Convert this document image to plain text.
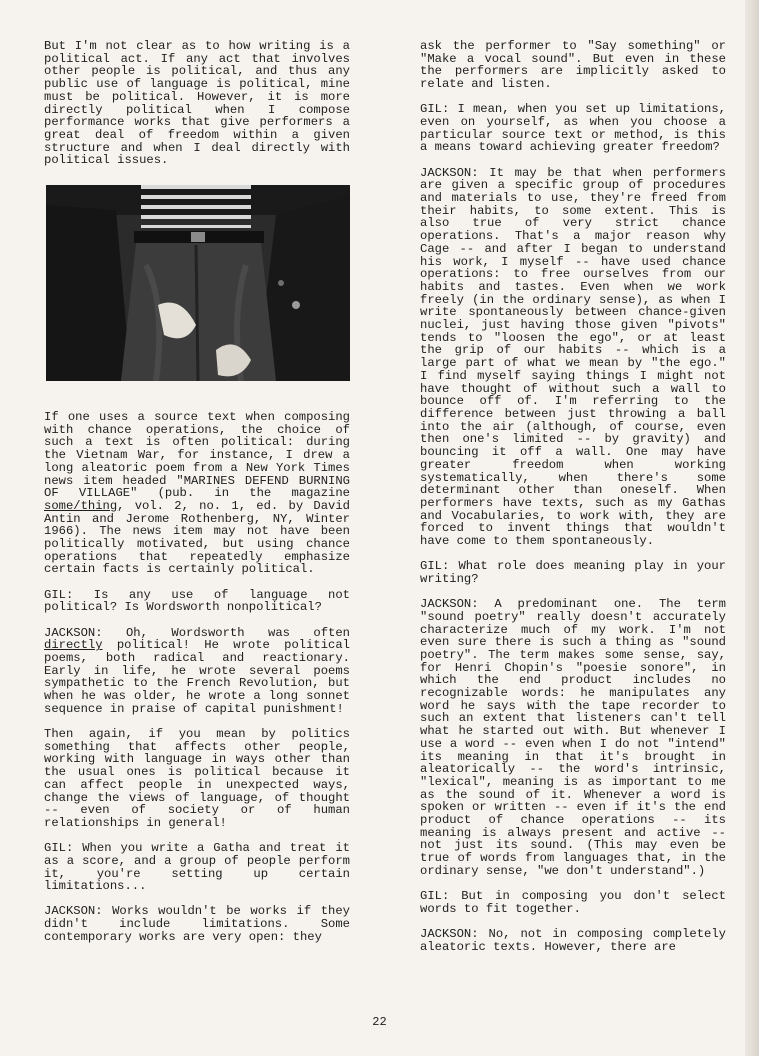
But I'm not clear as to how writing is a political act. If any act that involves other people is political, and thus any public use of language is political, mine must be political. However, it is more directly political when I compose performance works that give performers a great deal of freedom within a given structure and when I deal directly with political issues.

If one uses a source text when composing with chance operations, the choice of such a text is often political: during the Vietnam War, for instance, I drew a long aleatoric poem from a New York Times news item headed "MARINES DEFEND BURNING OF VILLAGE" (pub. in the magazine some/thing, vol. 2, no. 1, ed. by David Antin and Jerome Rothenberg, NY, Winter 1966). The news item may not have been politically motivated, but using chance operations that repeatedly emphasize certain facts is certainly political.

GIL: Is any use of language not political? Is Wordsworth nonpolitical?

JACKSON: Oh, Wordsworth was often directly political! He wrote political poems, both radical and reactionary. Early in life, he wrote several poems sympathetic to the French Revolution, but when he was older, he wrote a long sonnet sequence in praise of capital punishment!

Then again, if you mean by politics something that affects other people, working with language in ways other than the usual ones is political because it can affect people in unexpected ways, change the views of language, of thought -- even of society or of human relationships in general!

GIL: When you write a Gatha and treat it as a score, and a group of people perform it, you're setting up certain limitations...

JACKSON: Works wouldn't be works if they didn't include limitations. Some contemporary works are very open: they

ask the performer to "Say something" or "Make a vocal sound". But even in these the performers are implicitly asked to relate and listen.

GIL: I mean, when you set up limitations, even on yourself, as when you choose a particular source text or method, is this a means toward achieving greater freedom?

JACKSON: It may be that when performers are given a specific group of procedures and materials to use, they're freed from their habits, to some extent. This is also true of very strict chance operations. That's a major reason why Cage -- and after I began to understand his work, I myself -- have used chance operations: to free ourselves from our habits and tastes. Even when we work freely (in the ordinary sense), as when I write spontaneously between chance-given nuclei, just having those given "pivots" tends to "loosen the ego", or at least the grip of our habits -- which is a large part of what we mean by "the ego." I find myself saying things I might not have thought of without such a wall to bounce off of. I'm referring to the difference between just throwing a ball into the air (although, of course, even then one's limited -- by gravity) and bouncing it off a wall. One may have greater freedom when working systematically, when there's some determinant other than oneself. When performers have texts, such as my Gathas and Vocabularies, to work with, they are forced to invent things that wouldn't have come to them spontaneously.

GIL: What role does meaning play in your writing?

JACKSON: A predominant one. The term "sound poetry" really doesn't accurately characterize much of my work. I'm not even sure there is such a thing as "sound poetry". The term makes some sense, say, for Henri Chopin's "poesie sonore", in which the end product includes no recognizable words: he manipulates any word he says with the tape recorder to such an extent that listeners can't tell what he started out with. But whenever I use a word -- even when I do not "intend" its meaning in that it's brought in aleatorically -- the word's intrinsic, "lexical", meaning is as important to me as the sound of it. Whenever a word is spoken or written -- even if it's the end product of chance operations -- its meaning is always present and active -- not just its sound. (This may even be true of words from languages that, in the ordinary sense, "we don't understand".)

GIL: But in composing you don't select words to fit together.

JACKSON: No, not in composing completely aleatoric texts. However, there are

22
